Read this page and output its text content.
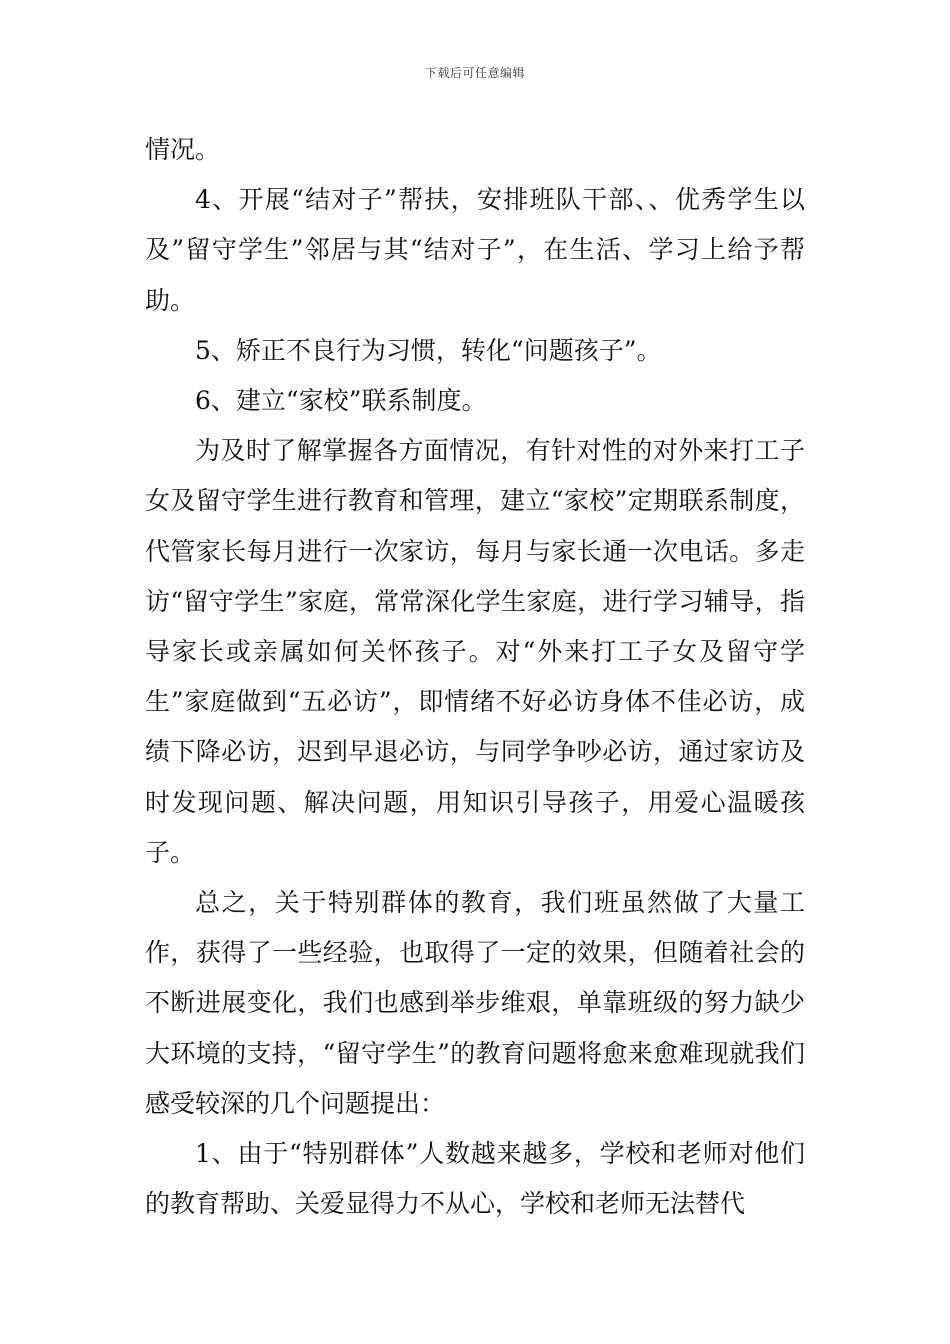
下载后可任意编辑

情况。

4、开展“结对子”帮扶，安排班队干部、、优秀学生以及”留守学生”邻居与其“结对子”，在生活、学习上给予帮助。

5、矫正不良行为习惯，转化“问题孩子”。

6、建立“家校”联系制度。

为及时了解掌握各方面情况，有针对性的对外来打工子女及留守学生进行教育和管理，建立“家校”定期联系制度，代管家长每月进行一次家访，每月与家长通一次电话。多走访“留守学生”家庭，常常深化学生家庭，进行学习辅导，指导家长或亲属如何关怀孩子。对“外来打工子女及留守学生”家庭做到“五必访”，即情绪不好必访身体不佳必访，成绩下降必访，迟到早退必访，与同学争吵必访，通过家访及时发现问题、解决问题，用知识引导孩子，用爱心温暖孩子。

总之，关于特别群体的教育，我们班虽然做了大量工作，获得了一些经验，也取得了一定的效果，但随着社会的不断进展变化，我们也感到举步维艰，单靠班级的努力缺少大环境的支持，“留守学生”的教育问题将愈来愈难现就我们感受较深的几个问题提出：

1、由于“特别群体”人数越来越多，学校和老师对他们的教育帮助、关爱显得力不从心，学校和老师无法替代
